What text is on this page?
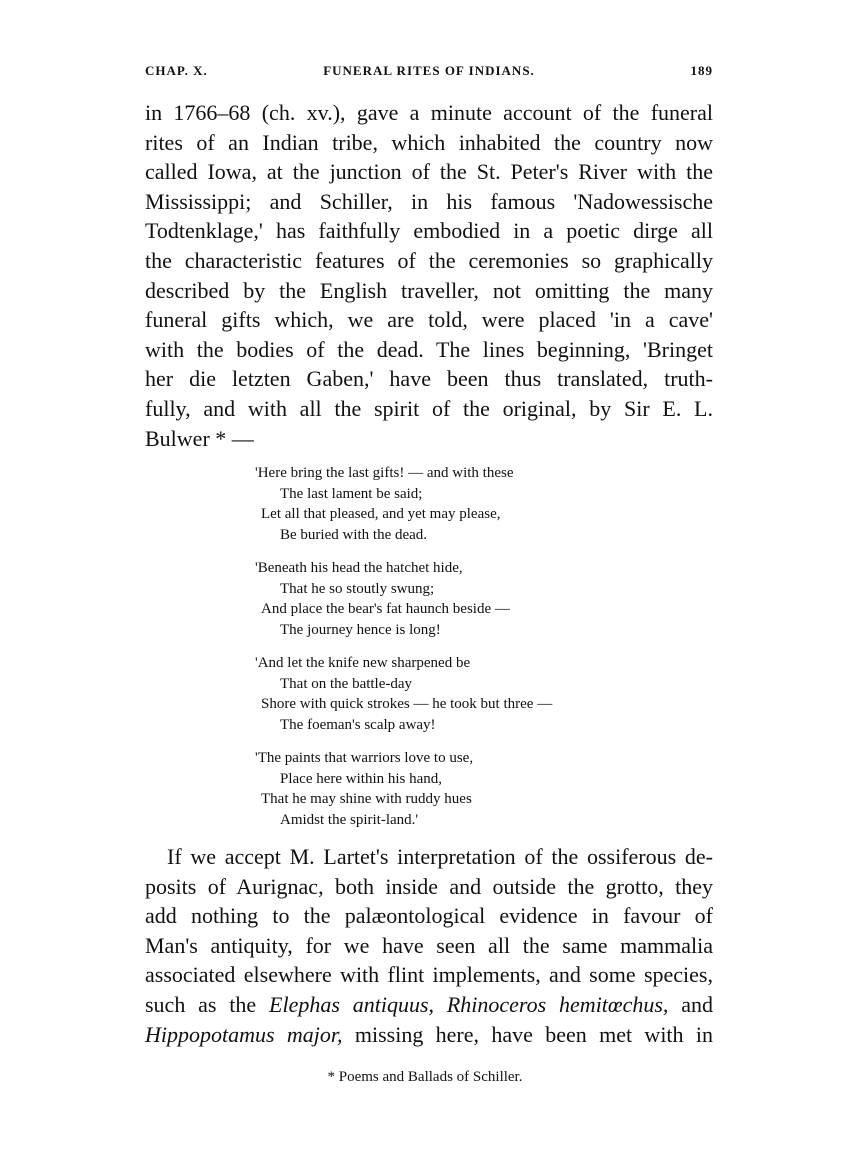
CHAP. X.	FUNERAL RITES OF INDIANS.	189
in 1766–68 (ch. xv.), gave a minute account of the funeral
rites of an Indian tribe, which inhabited the country now
called Iowa, at the junction of the St. Peter's River with the
Mississippi; and Schiller, in his famous 'Nadowessische
Todtenklage,' has faithfully embodied in a poetic dirge all
the characteristic features of the ceremonies so graphically
described by the English traveller, not omitting the many
funeral gifts which, we are told, were placed 'in a cave'
with the bodies of the dead. The lines beginning, 'Bringet
her die letzten Gaben,' have been thus translated, truth-
fully, and with all the spirit of the original, by Sir E. L.
Bulwer * —
'Here bring the last gifts! — and with these
The last lament be said;
Let all that pleased, and yet may please,
Be buried with the dead.
'Beneath his head the hatchet hide,
That he so stoutly swung;
And place the bear's fat haunch beside —
The journey hence is long!
'And let the knife new sharpened be
That on the battle-day
Shore with quick strokes — he took but three —
The foeman's scalp away!
'The paints that warriors love to use,
Place here within his hand,
That he may shine with ruddy hues
Amidst the spirit-land.'
If we accept M. Lartet's interpretation of the ossiferous de-
posits of Aurignac, both inside and outside the grotto, they
add nothing to the palæontological evidence in favour of
Man's antiquity, for we have seen all the same mammalia
associated elsewhere with flint implements, and some species,
such as the Elephas antiquus, Rhinoceros hemitœchus, and
Hippopotamus major, missing here, have been met with in
* Poems and Ballads of Schiller.
